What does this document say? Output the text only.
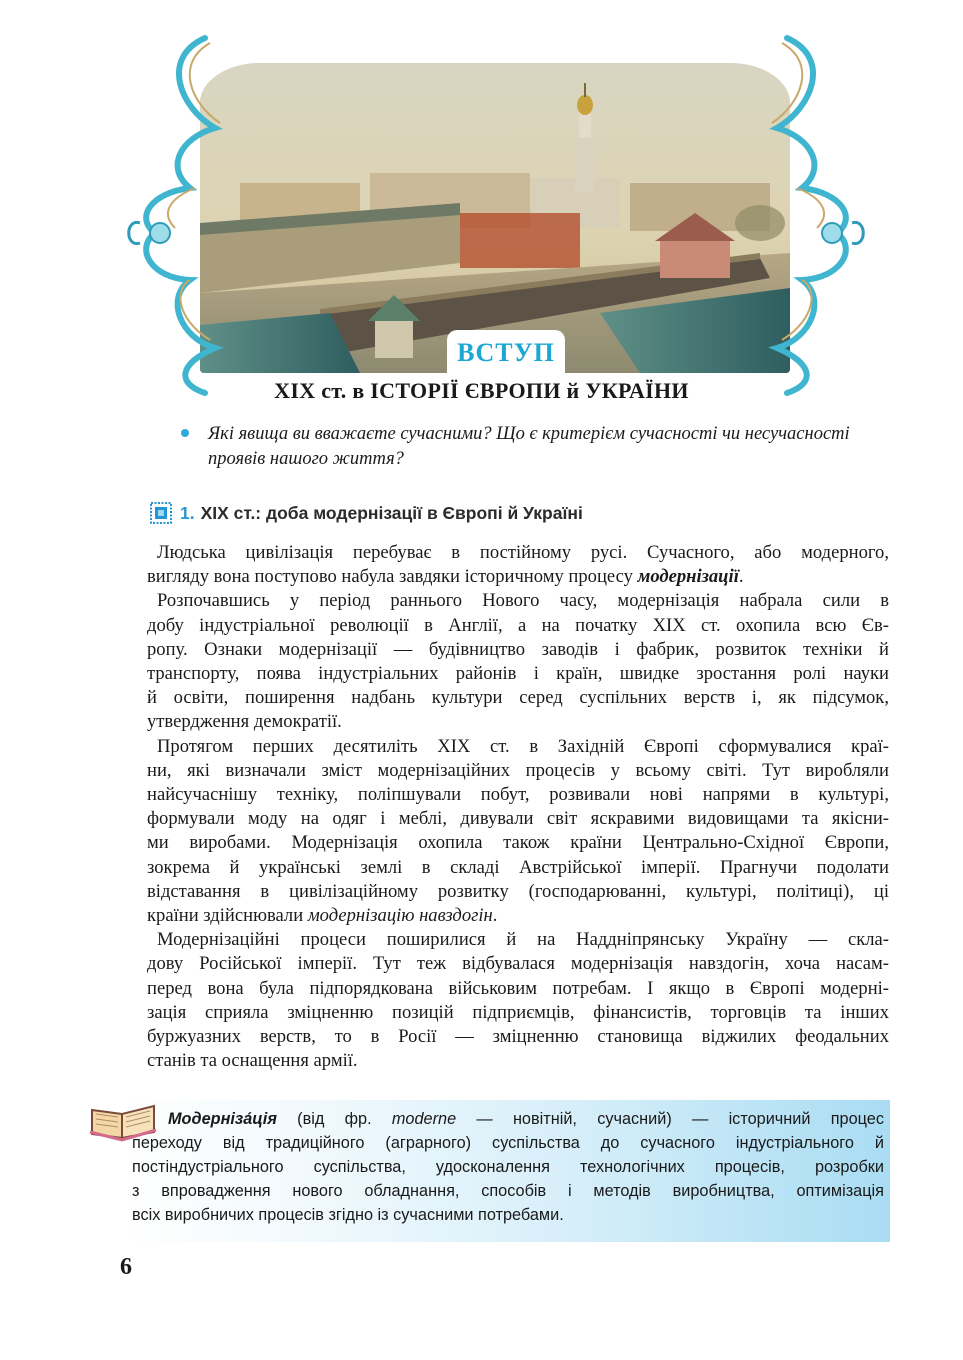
ВСТУП
XIX ст. в ІСТОРІЇ ЄВРОПИ й УКРАЇНИ
Які явища ви вважаєте сучасними? Що є критерієм сучасності чи несучасності
проявів нашого життя?
1. XIX ст.: доба модернізації в Європі й Україні
Людська цивілізація перебуває в постійному русі. Сучасного, або модерного,
вигляду вона поступово набула завдяки історичному процесу модернізації.
Розпочавшись у період раннього Нового часу, модернізація набрала сили в
добу індустріальної революції в Англії, а на початку XIX ст. охопила всю Єв-
ропу. Ознаки модернізації — будівництво заводів і фабрик, розвиток техніки й
транспорту, поява індустріальних районів і країн, швидке зростання ролі науки
й освіти, поширення надбань культури серед суспільних верств і, як підсумок,
утвердження демократії.
Протягом перших десятиліть XIX ст. в Західній Європі сформувалися краї-
ни, які визначали зміст модернізаційних процесів у всьому світі. Тут виробляли
найсучаснішу техніку, поліпшували побут, розвивали нові напрями в культурі,
формували моду на одяг і меблі, дивували світ яскравими видовищами та якісни-
ми виробами. Модернізація охопила також країни Центрально-Східної Європи,
зокрема й українські землі в складі Австрійської імперії. Прагнучи подолати
відставання в цивілізаційному розвитку (господарюванні, культурі, політиці), ці
країни здійснювали модернізацію навздогін.
Модернізаційні процеси поширилися й на Наддніпрянську Україну — скла-
дову Російської імперії. Тут теж відбувалася модернізація навздогін, хоча насам-
перед вона була підпорядкована військовим потребам. І якщо в Європі модерні-
зація сприяла зміцненню позицій підприємців, фінансистів, торговців та інших
буржуазних верств, то в Росії — зміцненню становища віджилих феодальних
станів та оснащення армії.
Модернiза́цiя (від фр. moderne — новітній, сучасний) — історичний процес
переходу від традиційного (аграрного) суспільства до сучасного індустріального й
постіндустріального суспільства, удосконалення технологічних процесів, розробки
з впровадження нового обладнання, способів і методів виробництва, оптимізація
всіх виробничих процесів згідно із сучасними потребами.
6
